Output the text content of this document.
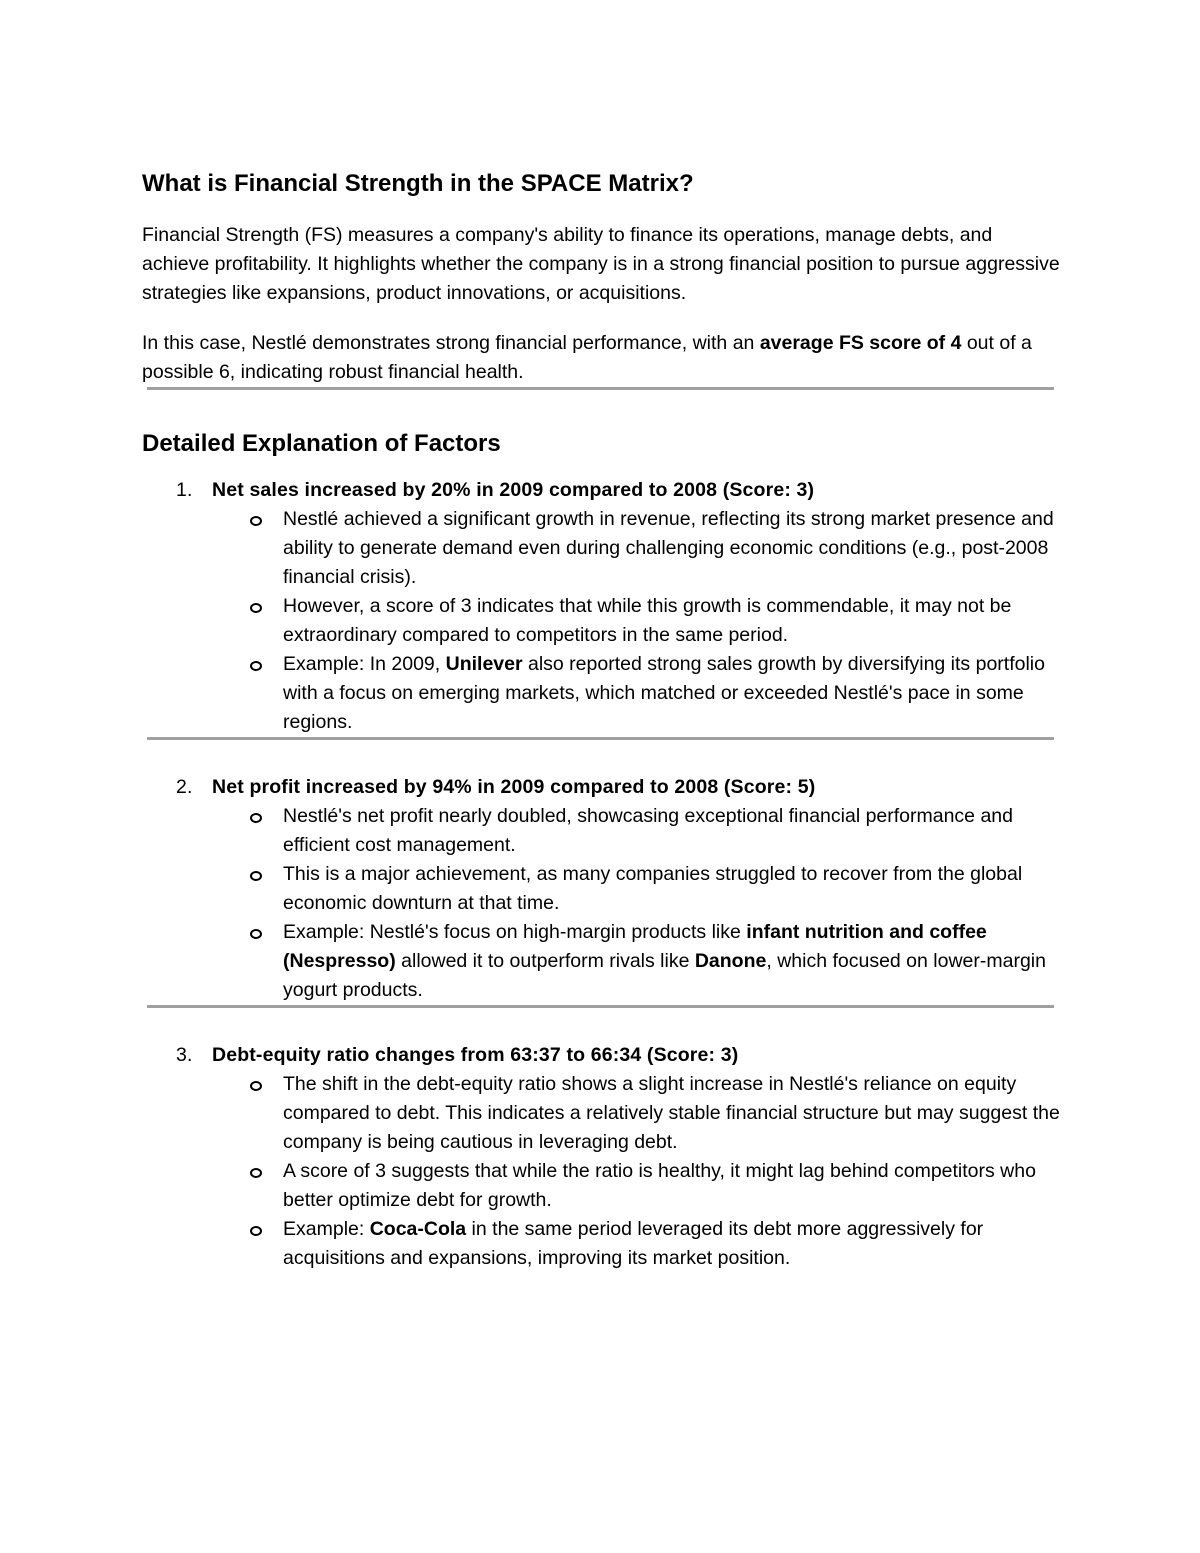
What is Financial Strength in the SPACE Matrix?

Financial Strength (FS) measures a company's ability to finance its operations, manage debts, and achieve profitability. It highlights whether the company is in a strong financial position to pursue aggressive strategies like expansions, product innovations, or acquisitions.

In this case, Nestlé demonstrates strong financial performance, with an average FS score of 4 out of a possible 6, indicating robust financial health.

Detailed Explanation of Factors
1. Net sales increased by 20% in 2009 compared to 2008 (Score: 3)
Nestlé achieved a significant growth in revenue, reflecting its strong market presence and ability to generate demand even during challenging economic conditions (e.g., post-2008 financial crisis).
However, a score of 3 indicates that while this growth is commendable, it may not be extraordinary compared to competitors in the same period.
Example: In 2009, Unilever also reported strong sales growth by diversifying its portfolio with a focus on emerging markets, which matched or exceeded Nestlé's pace in some regions.
2. Net profit increased by 94% in 2009 compared to 2008 (Score: 5)
Nestlé's net profit nearly doubled, showcasing exceptional financial performance and efficient cost management.
This is a major achievement, as many companies struggled to recover from the global economic downturn at that time.
Example: Nestlé's focus on high-margin products like infant nutrition and coffee (Nespresso) allowed it to outperform rivals like Danone, which focused on lower-margin yogurt products.
3. Debt-equity ratio changes from 63:37 to 66:34 (Score: 3)
The shift in the debt-equity ratio shows a slight increase in Nestlé's reliance on equity compared to debt. This indicates a relatively stable financial structure but may suggest the company is being cautious in leveraging debt.
A score of 3 suggests that while the ratio is healthy, it might lag behind competitors who better optimize debt for growth.
Example: Coca-Cola in the same period leveraged its debt more aggressively for acquisitions and expansions, improving its market position.
